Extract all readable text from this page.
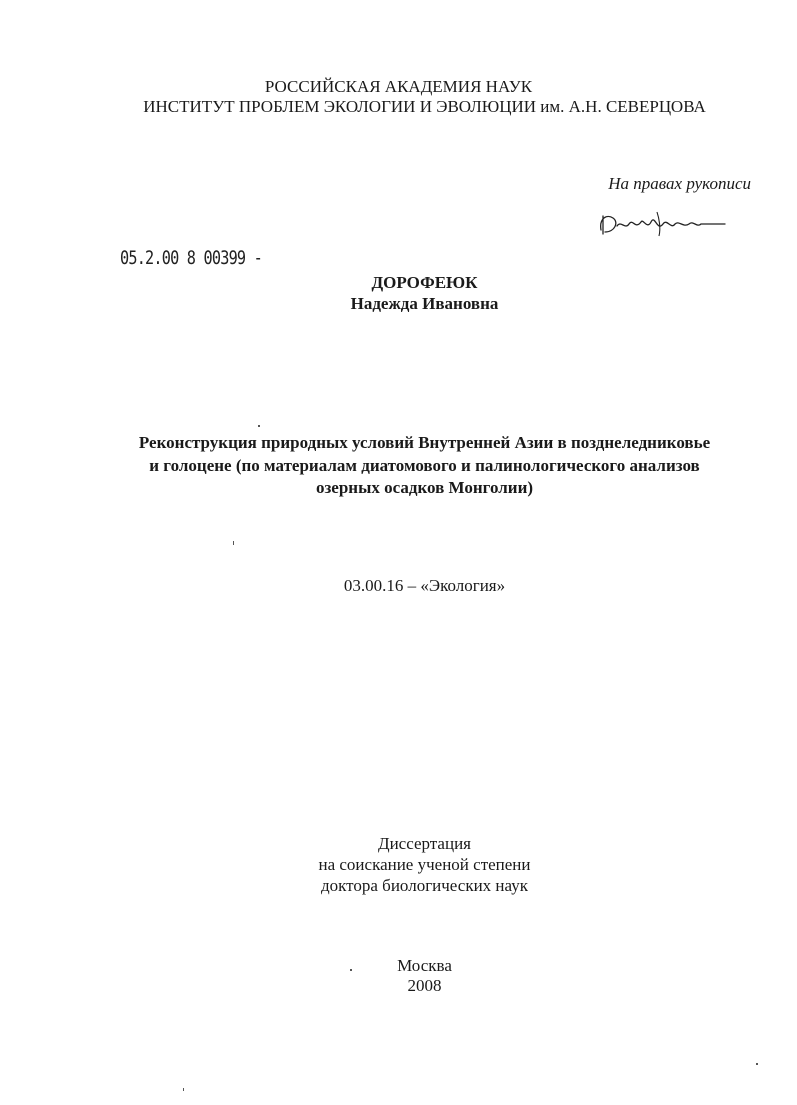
РОССИЙСКАЯ АКАДЕМИЯ НАУК
ИНСТИТУТ ПРОБЛЕМ ЭКОЛОГИИ И ЭВОЛЮЦИИ им. А.Н. СЕВЕРЦОВА
На правах рукописи
05.2.00 8 00399 -
ДОРОФЕЮК
Надежда Ивановна
Реконструкция природных условий Внутренней Азии в позднеледниковье
и голоцене (по материалам диатомового и палинологического анализов
озерных осадков Монголии)
03.00.16 – «Экология»
Диссертация
на соискание ученой степени
доктора биологических наук
Москва
2008
